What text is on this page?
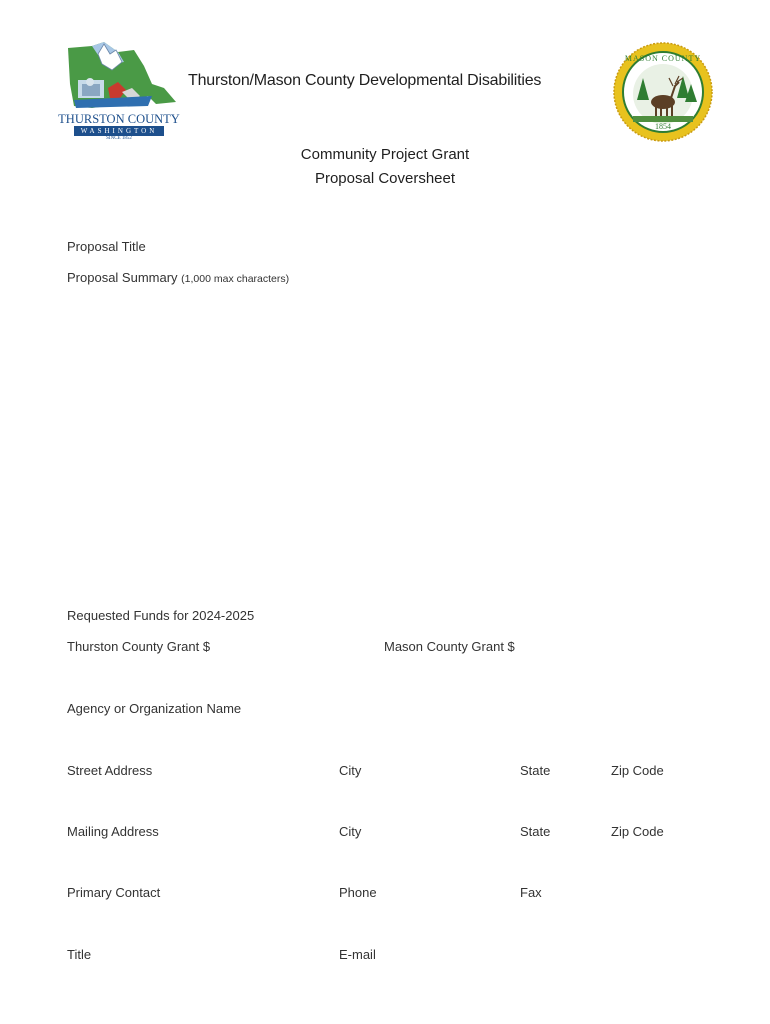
THURSTON COUNTY
WASHINGTON
SINCE 1852
Thurston/Mason County Developmental Disabilities
MASON COUNTY
1854
Community Project Grant
Proposal Coversheet
Proposal Title
Proposal Summary (1,000 max characters)
Requested Funds for 2024-2025
Thurston County Grant $	Mason County Grant $
Agency or Organization Name
Street Address	City	State	Zip Code
Mailing Address	City	State	Zip Code
Primary Contact	Phone	Fax
Title	E-mail
